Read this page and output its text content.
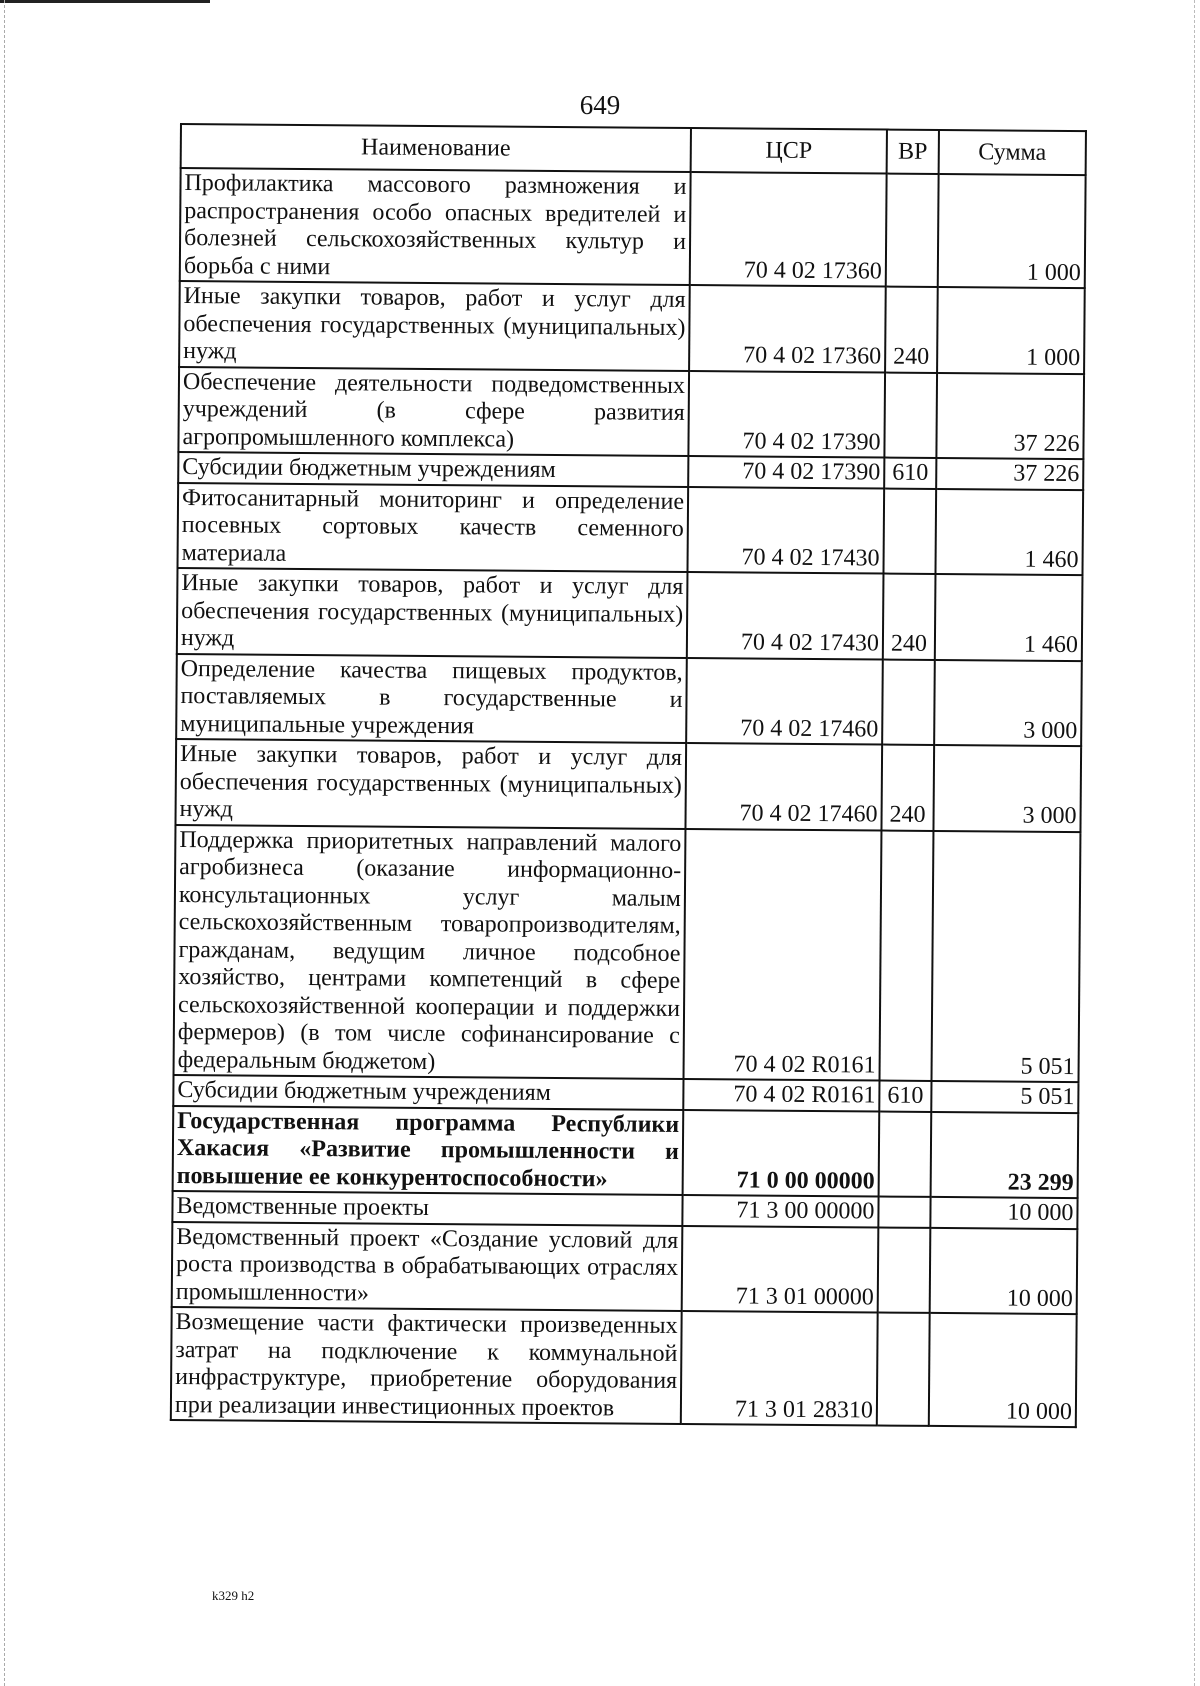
649
Наименование	ЦСР	ВР	Сумма
Профилактика массового размножения и распространения особо опасных вредителей и болезней сельскохозяйственных культур и борьба с ними	70 4 02 17360		1 000
Иные закупки товаров, работ и услуг для обеспечения государственных (муниципальных) нужд	70 4 02 17360	240	1 000
Обеспечение деятельности подведомственных учреждений (в сфере развития агропромышленного комплекса)	70 4 02 17390		37 226
Субсидии бюджетным учреждениям	70 4 02 17390	610	37 226
Фитосанитарный мониторинг и определение посевных сортовых качеств семенного материала	70 4 02 17430		1 460
Иные закупки товаров, работ и услуг для обеспечения государственных (муниципальных) нужд	70 4 02 17430	240	1 460
Определение качества пищевых продуктов, поставляемых в государственные и муниципальные учреждения	70 4 02 17460		3 000
Иные закупки товаров, работ и услуг для обеспечения государственных (муниципальных) нужд	70 4 02 17460	240	3 000
Поддержка приоритетных направлений малого агробизнеса (оказание информационно-консультационных услуг малым сельскохозяйственным товаропроизводителям, гражданам, ведущим личное подсобное хозяйство, центрами компетенций в сфере сельскохозяйственной кооперации и поддержки фермеров) (в том числе софинансирование с федеральным бюджетом)	70 4 02 R0161		5 051
Субсидии бюджетным учреждениям	70 4 02 R0161	610	5 051
Государственная программа Республики Хакасия «Развитие промышленности и повышение ее конкурентоспособности»	71 0 00 00000		23 299
Ведомственные проекты	71 3 00 00000		10 000
Ведомственный проект «Создание условий для роста производства в обрабатывающих отраслях промышленности»	71 3 01 00000		10 000
Возмещение части фактически произведенных затрат на подключение к коммунальной инфраструктуре, приобретение оборудования при реализации инвестиционных проектов	71 3 01 28310		10 000
k329 h2
